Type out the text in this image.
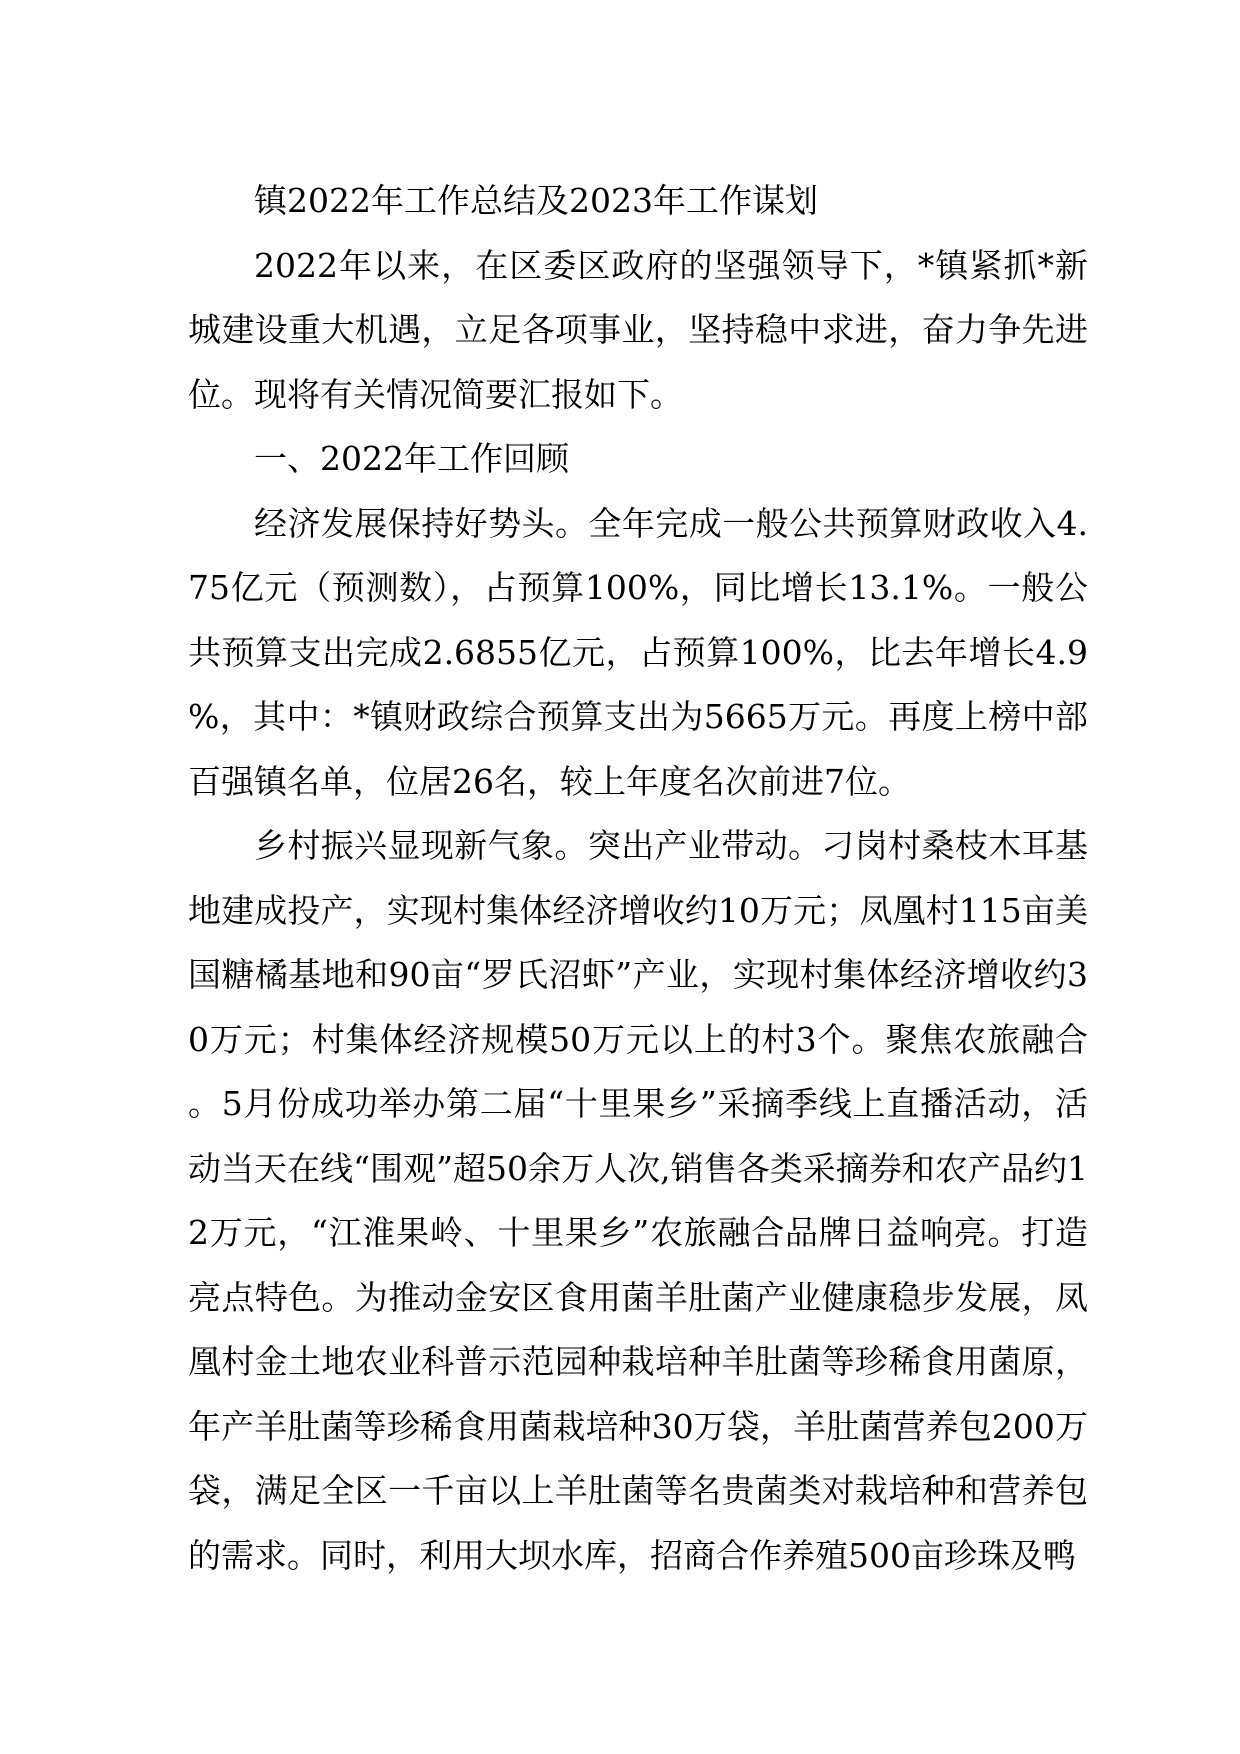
镇2022年工作总结及2023年工作谋划

2022年以来，在区委区政府的坚强领导下，*镇紧抓*新城建设重大机遇，立足各项事业，坚持稳中求进，奋力争先进位。现将有关情况简要汇报如下。

一、2022年工作回顾

经济发展保持好势头。全年完成一般公共预算财政收入4.75亿元（预测数），占预算100%，同比增长13.1%。一般公共预算支出完成2.6855亿元，占预算100%，比去年增长4.9%，其中：*镇财政综合预算支出为5665万元。再度上榜中部百强镇名单，位居26名，较上年度名次前进7位。

乡村振兴显现新气象。突出产业带动。刁岗村桑枝木耳基地建成投产，实现村集体经济增收约10万元；凤凰村115亩美国糖橘基地和90亩“罗氏沼虾”产业，实现村集体经济增收约30万元；村集体经济规模50万元以上的村3个。聚焦农旅融合。5月份成功举办第二届“十里果乡”采摘季线上直播活动，活动当天在线“围观”超50余万人次,销售各类采摘券和农产品约12万元，“江淮果岭、十里果乡”农旅融合品牌日益响亮。打造亮点特色。为推动金安区食用菌羊肚菌产业健康稳步发展，凤凰村金土地农业科普示范园种栽培种羊肚菌等珍稀食用菌原，年产羊肚菌等珍稀食用菌栽培种30万袋，羊肚菌营养包200万袋，满足全区一千亩以上羊肚菌等名贵菌类对栽培种和营养包的需求。同时，利用大坝水库，招商合作养殖500亩珍珠及鸭
